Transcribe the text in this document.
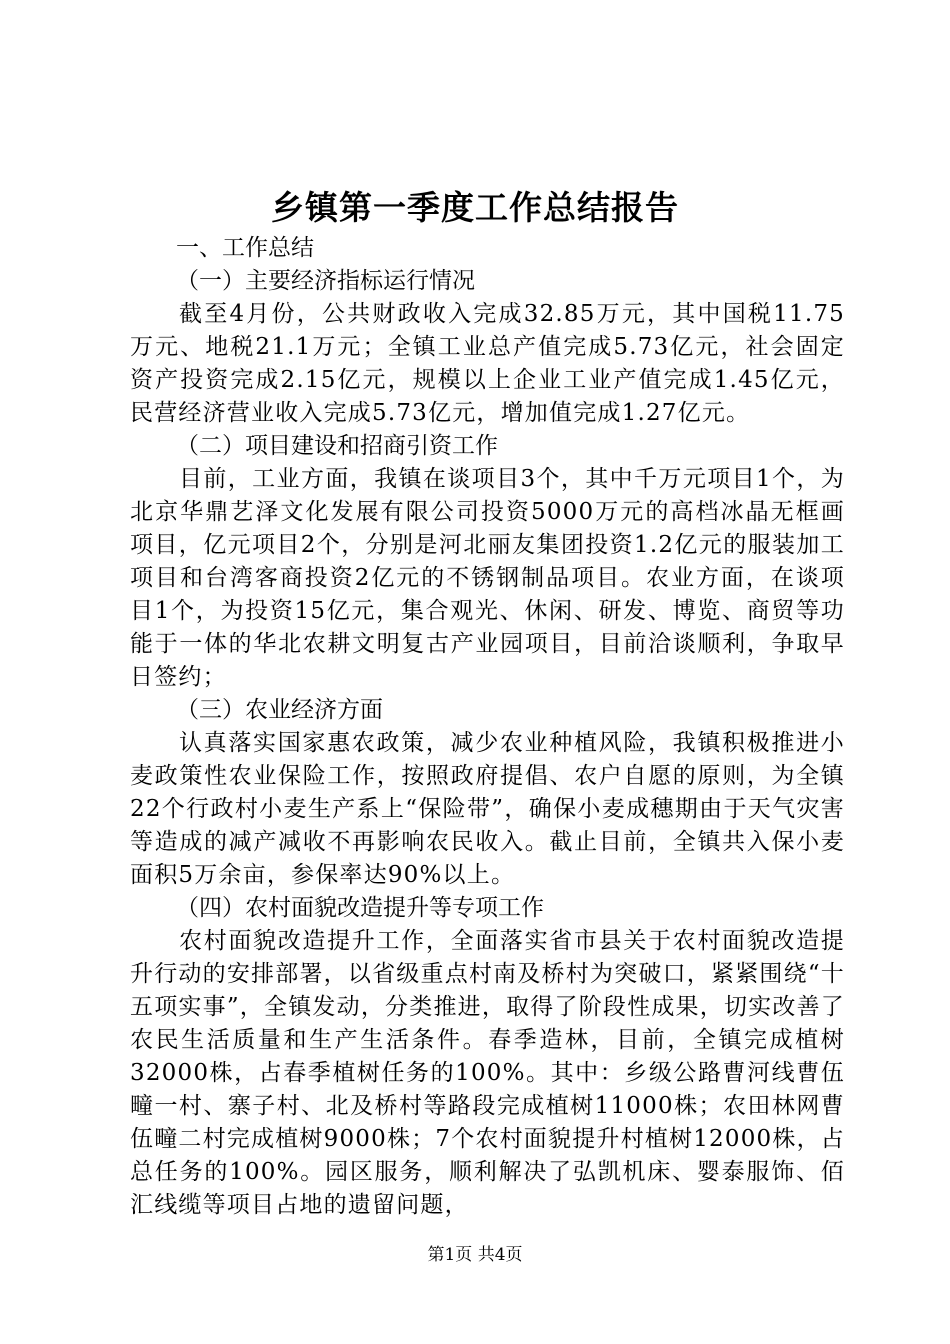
乡镇第一季度工作总结报告

一、工作总结

（一）主要经济指标运行情况

截至4月份，公共财政收入完成32.85万元，其中国税11.75万元、地税21.1万元；全镇工业总产值完成5.73亿元，社会固定资产投资完成2.15亿元，规模以上企业工业产值完成1.45亿元，民营经济营业收入完成5.73亿元，增加值完成1.27亿元。

（二）项目建设和招商引资工作

目前，工业方面，我镇在谈项目3个，其中千万元项目1个，为北京华鼎艺泽文化发展有限公司投资5000万元的高档冰晶无框画项目，亿元项目2个，分别是河北丽友集团投资1.2亿元的服装加工项目和台湾客商投资2亿元的不锈钢制品项目。农业方面，在谈项目1个，为投资15亿元，集合观光、休闲、研发、博览、商贸等功能于一体的华北农耕文明复古产业园项目，目前洽谈顺利，争取早日签约；

（三）农业经济方面

认真落实国家惠农政策，减少农业种植风险，我镇积极推进小麦政策性农业保险工作，按照政府提倡、农户自愿的原则，为全镇22个行政村小麦生产系上“保险带”，确保小麦成穗期由于天气灾害等造成的减产减收不再影响农民收入。截止目前，全镇共入保小麦面积5万余亩，参保率达90%以上。

（四）农村面貌改造提升等专项工作

农村面貌改造提升工作，全面落实省市县关于农村面貌改造提升行动的安排部署，以省级重点村南及桥村为突破口，紧紧围绕“十五项实事”，全镇发动，分类推进，取得了阶段性成果，切实改善了农民生活质量和生产生活条件。春季造林，目前，全镇完成植树32000株，占春季植树任务的100%。其中：乡级公路曹河线曹伍疃一村、寨子村、北及桥村等路段完成植树11000株；农田林网曹伍疃二村完成植树9000株；7个农村面貌提升村植树12000株，占总任务的100%。园区服务，顺利解决了弘凯机床、婴泰服饰、佰汇线缆等项目占地的遗留问题，

第1页 共4页
